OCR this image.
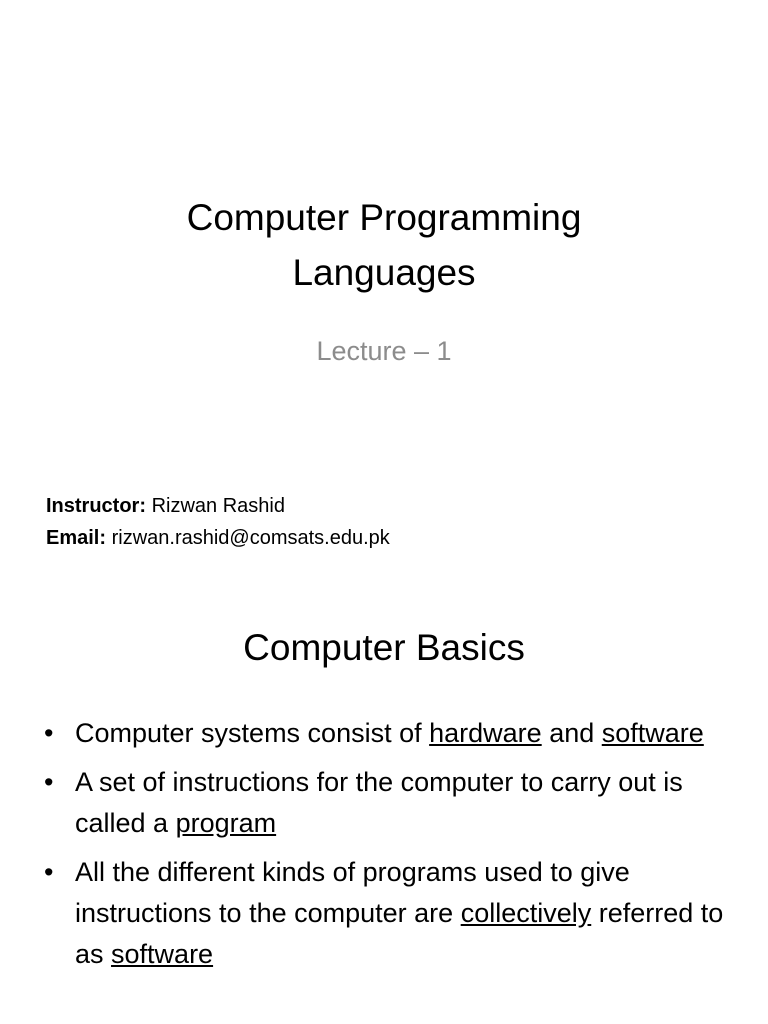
Computer Programming
Languages
Lecture – 1
Instructor: Rizwan Rashid
Email: rizwan.rashid@comsats.edu.pk
Computer Basics
• Computer systems consist of hardware and software
• A set of instructions for the computer to carry out is called a program
• All the different kinds of programs used to give instructions to the computer are collectively referred to as software
